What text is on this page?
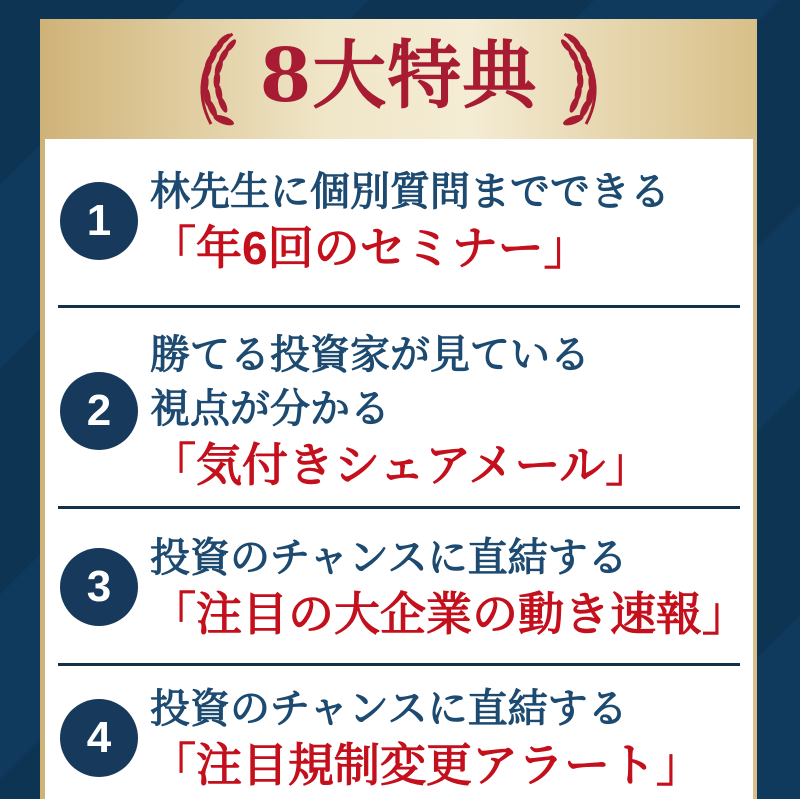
8大特典
1
林先生に個別質問までできる
「年6回のセミナー」
2
勝てる投資家が見ている
視点が分かる
「気付きシェアメール」
3
投資のチャンスに直結する
「注目の大企業の動き速報」
4
投資のチャンスに直結する
「注目規制変更アラート」
